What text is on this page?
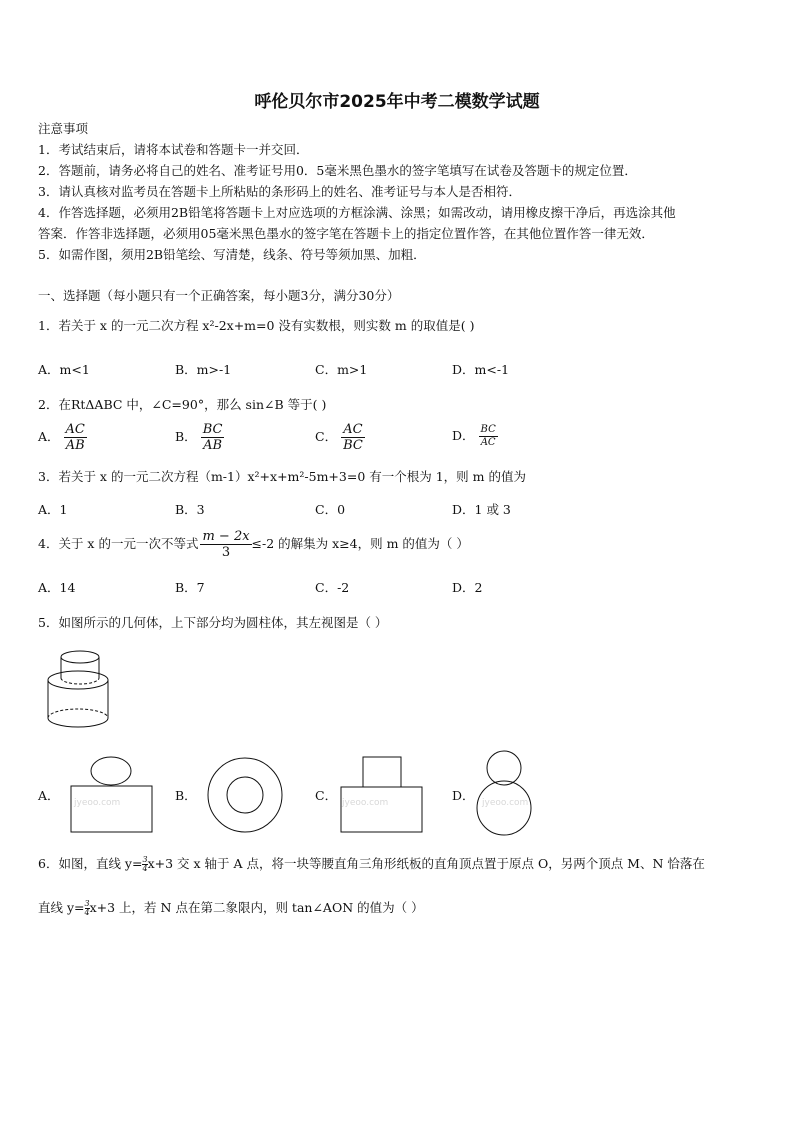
呼伦贝尔市2025年中考二模数学试题
注意事项
1．考试结束后，请将本试卷和答题卡一并交回．
2．答题前，请务必将自己的姓名、准考证号用0．5毫米黑色墨水的签字笔填写在试卷及答题卡的规定位置．
3．请认真核对监考员在答题卡上所粘贴的条形码上的姓名、准考证号与本人是否相符．
4．作答选择题，必须用2B铅笔将答题卡上对应选项的方框涂满、涂黑；如需改动，请用橡皮擦干净后，再选涂其他
答案．作答非选择题，必须用05毫米黑色墨水的签字笔在答题卡上的指定位置作答，在其他位置作答一律无效．
5．如需作图，须用2B铅笔绘、写清楚，线条、符号等须加黑、加粗．
一、选择题（每小题只有一个正确答案，每小题3分，满分30分）
1．若关于 x 的一元二次方程 x²-2x+m=0 没有实数根，则实数 m 的取值是( )
A．m<1	B．m>-1	C．m>1	D．m<-1
2．在RtΔABC 中，∠C=90°，那么 sin∠B 等于( )
A． $\frac{AC}{AB}$	B． $\frac{BC}{AB}$	C． $\frac{AC}{BC}$	D． $\frac{BC}{AC}$
3．若关于 x 的一元二次方程（m-1）x²+x+m²-5m+3=0 有一个根为 1，则 m 的值为
A．1	B．3	C．0	D．1 或 3
4．关于 x 的一元一次不等式 $\frac{m - 2x}{3} \le-2$ 的解集为 x≥4，则 m 的值为（ ）
A．14	B．7	C．-2	D．2
5．如图所示的几何体，上下部分均为圆柱体，其左视图是（ ）
A． jyeoo.com	B．	C． jyeoo.com	D． jyeoo.com
6．如图，直线 $y= \frac{3}{4} x+3$ 交 x 轴于 A 点，将一块等腰直角三角形纸板的直角顶点置于原点 O，另两个顶点 M、N 恰落在
直线 $y= \frac{3}{4} x+3$ 上，若 N 点在第二象限内，则 tan∠AON 的值为（ ）
